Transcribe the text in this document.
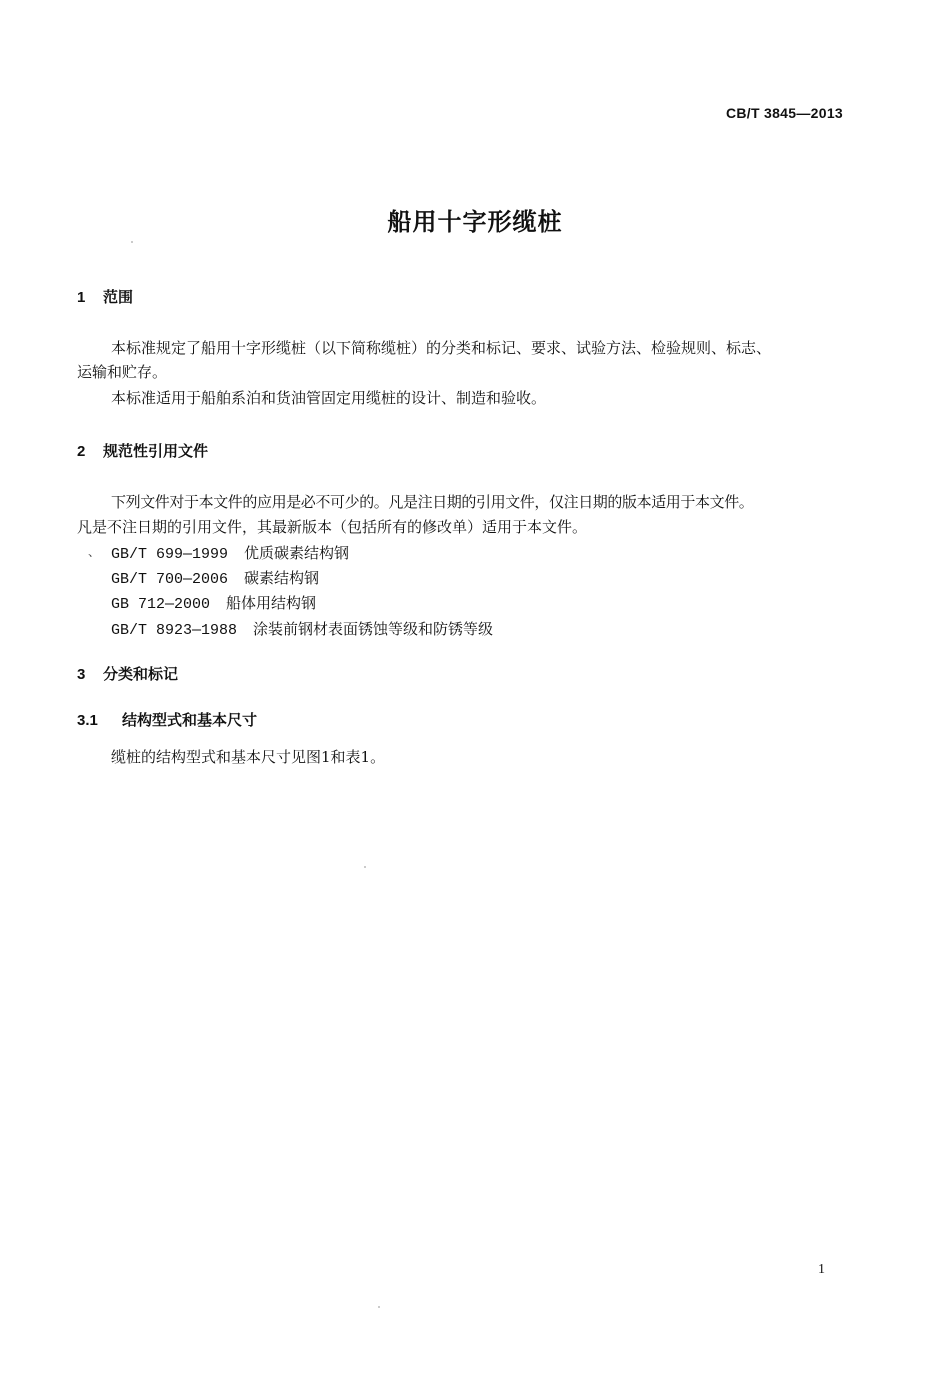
CB/T 3845—2013
船用十字形缆桩
1 范围
本标准规定了船用十字形缆桩（以下简称缆桩）的分类和标记、要求、试验方法、检验规则、标志、
运输和贮存。
本标准适用于船舶系泊和货油管固定用缆桩的设计、制造和验收。
2 规范性引用文件
下列文件对于本文件的应用是必不可少的。凡是注日期的引用文件，仅注日期的版本适用于本文件。
凡是不注日期的引用文件，其最新版本（包括所有的修改单）适用于本文件。
、 GB/T 699—1999 优质碳素结构钢
GB/T 700—2006 碳素结构钢
GB 712—2000 船体用结构钢
GB/T 8923—1988 涂装前钢材表面锈蚀等级和防锈等级
3 分类和标记
3.1 结构型式和基本尺寸
缆桩的结构型式和基本尺寸见图1和表1。
1
